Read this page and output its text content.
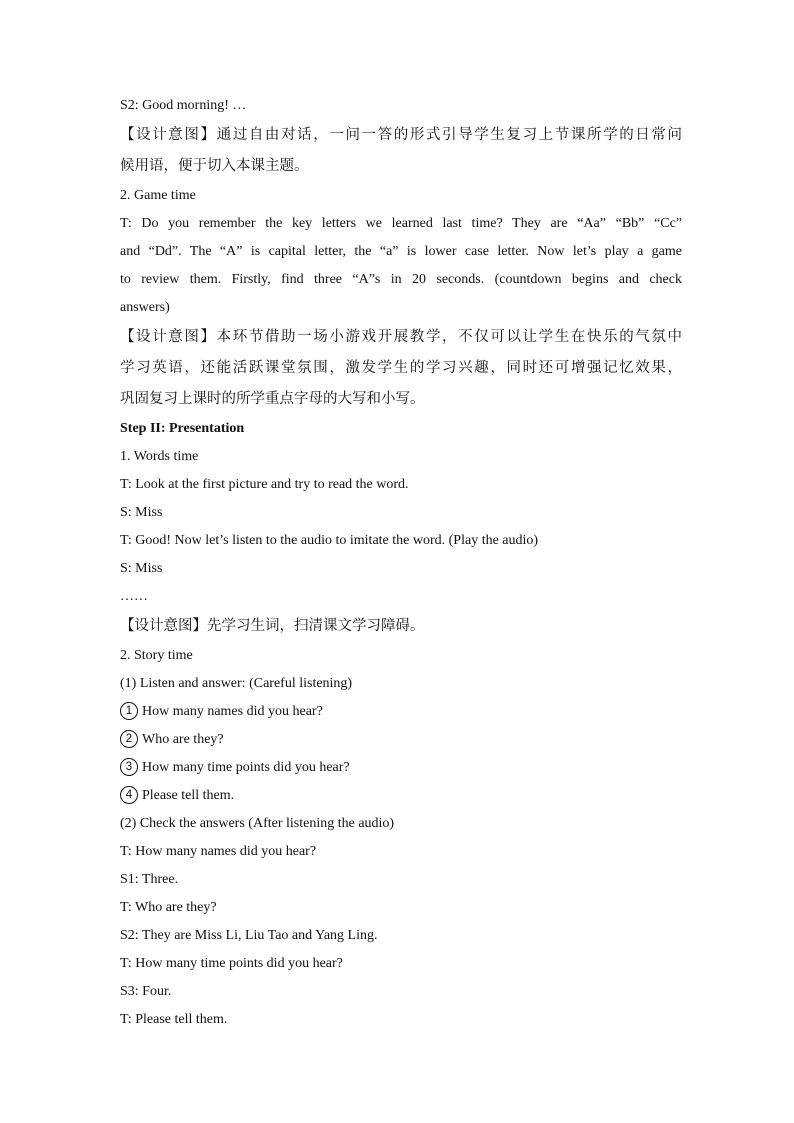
S2: Good morning! …
【设计意图】通过自由对话，一问一答的形式引导学生复习上节课所学的日常问
候用语，便于切入本课主题。
2. Game time
T: Do you remember the key letters we learned last time? They are “Aa” “Bb” “Cc”
and “Dd”. The “A” is capital letter, the “a” is lower case letter. Now let’s play a game
to review them. Firstly, find three “A”s in 20 seconds. (countdown begins and check
answers)
【设计意图】本环节借助一场小游戏开展教学，不仅可以让学生在快乐的气氛中
学习英语，还能活跃课堂氛围，激发学生的学习兴趣，同时还可增强记忆效果，
巩固复习上课时的所学重点字母的大写和小写。
Step II: Presentation
1. Words time
T: Look at the first picture and try to read the word.
S: Miss
T: Good! Now let’s listen to the audio to imitate the word. (Play the audio)
S: Miss
……
【设计意图】先学习生词，扫清课文学习障碍。
2. Story time
(1) Listen and answer: (Careful listening)
1 How many names did you hear?
2 Who are they?
3 How many time points did you hear?
4 Please tell them.
(2) Check the answers (After listening the audio)
T: How many names did you hear?
S1: Three.
T: Who are they?
S2: They are Miss Li, Liu Tao and Yang Ling.
T: How many time points did you hear?
S3: Four.
T: Please tell them.
